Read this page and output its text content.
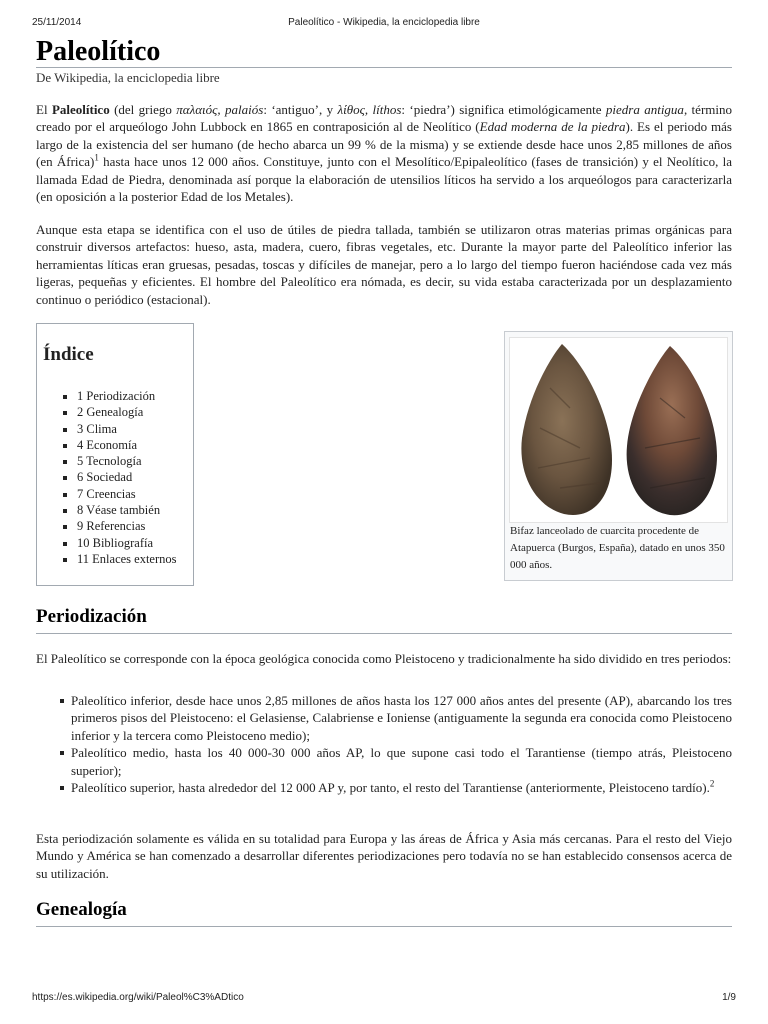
25/11/2014	Paleolítico - Wikipedia, la enciclopedia libre
https://es.wikipedia.org/wiki/Paleol%C3%ADtico	1/9
Paleolítico
De Wikipedia, la enciclopedia libre

El Paleolítico (del griego παλαιός, palaiós: ‘antiguo’, y λίθος, líthos: ‘piedra’) significa etimológicamente piedra antigua, término creado por el arqueólogo John Lubbock en 1865 en contraposición al de Neolítico (Edad moderna de la piedra). Es el periodo más largo de la existencia del ser humano (de hecho abarca un 99 % de la misma) y se extiende desde hace unos 2,85 millones de años (en África)$^1$ hasta hace unos 12 000 años. Constituye, junto con el Mesolítico/Epipaleolítico (fases de transición) y el Neolítico, la llamada Edad de Piedra, denominada así porque la elaboración de utensilios líticos ha servido a los arqueólogos para caracterizarla (en oposición a la posterior Edad de los Metales).

Aunque esta etapa se identifica con el uso de útiles de piedra tallada, también se utilizaron otras materias primas orgánicas para construir diversos artefactos: hueso, asta, madera, cuero, fibras vegetales, etc. Durante la mayor parte del Paleolítico inferior las herramientas líticas eran gruesas, pesadas, toscas y difíciles de manejar, pero a lo largo del tiempo fueron haciéndose cada vez más ligeras, pequeñas y eficientes. El hombre del Paleolítico era nómada, es decir, su vida estaba caracterizada por un desplazamiento continuo o periódico (estacional).

Índice
1 Periodización
2 Genealogía
3 Clima
4 Economía
5 Tecnología
6 Sociedad
7 Creencias
8 Véase también
9 Referencias
10 Bibliografía
11 Enlaces externos
Bifaz lanceolado de cuarcita procedente de Atapuerca (Burgos, España), datado en unos 350 000 años.
Periodización

El Paleolítico se corresponde con la época geológica conocida como Pleistoceno y tradicionalmente ha sido dividido en tres periodos:

Paleolítico inferior, desde hace unos 2,85 millones de años hasta los 127 000 años antes del presente (AP), abarcando los tres primeros pisos del Pleistoceno: el Gelasiense, Calabriense e Ioniense (antiguamente la segunda era conocida como Pleistoceno inferior y la tercera como Pleistoceno medio);
Paleolítico medio, hasta los 40 000-30 000 años AP, lo que supone casi todo el Tarantiense (tiempo atrás, Pleistoceno superior);
Paleolítico superior, hasta alrededor del 12 000 AP y, por tanto, el resto del Tarantiense (anteriormente, Pleistoceno tardío).$^2$

Esta periodización solamente es válida en su totalidad para Europa y las áreas de África y Asia más cercanas. Para el resto del Viejo Mundo y América se han comenzado a desarrollar diferentes periodizaciones pero todavía no se han establecido consensos acerca de su utilización.

Genealogía
